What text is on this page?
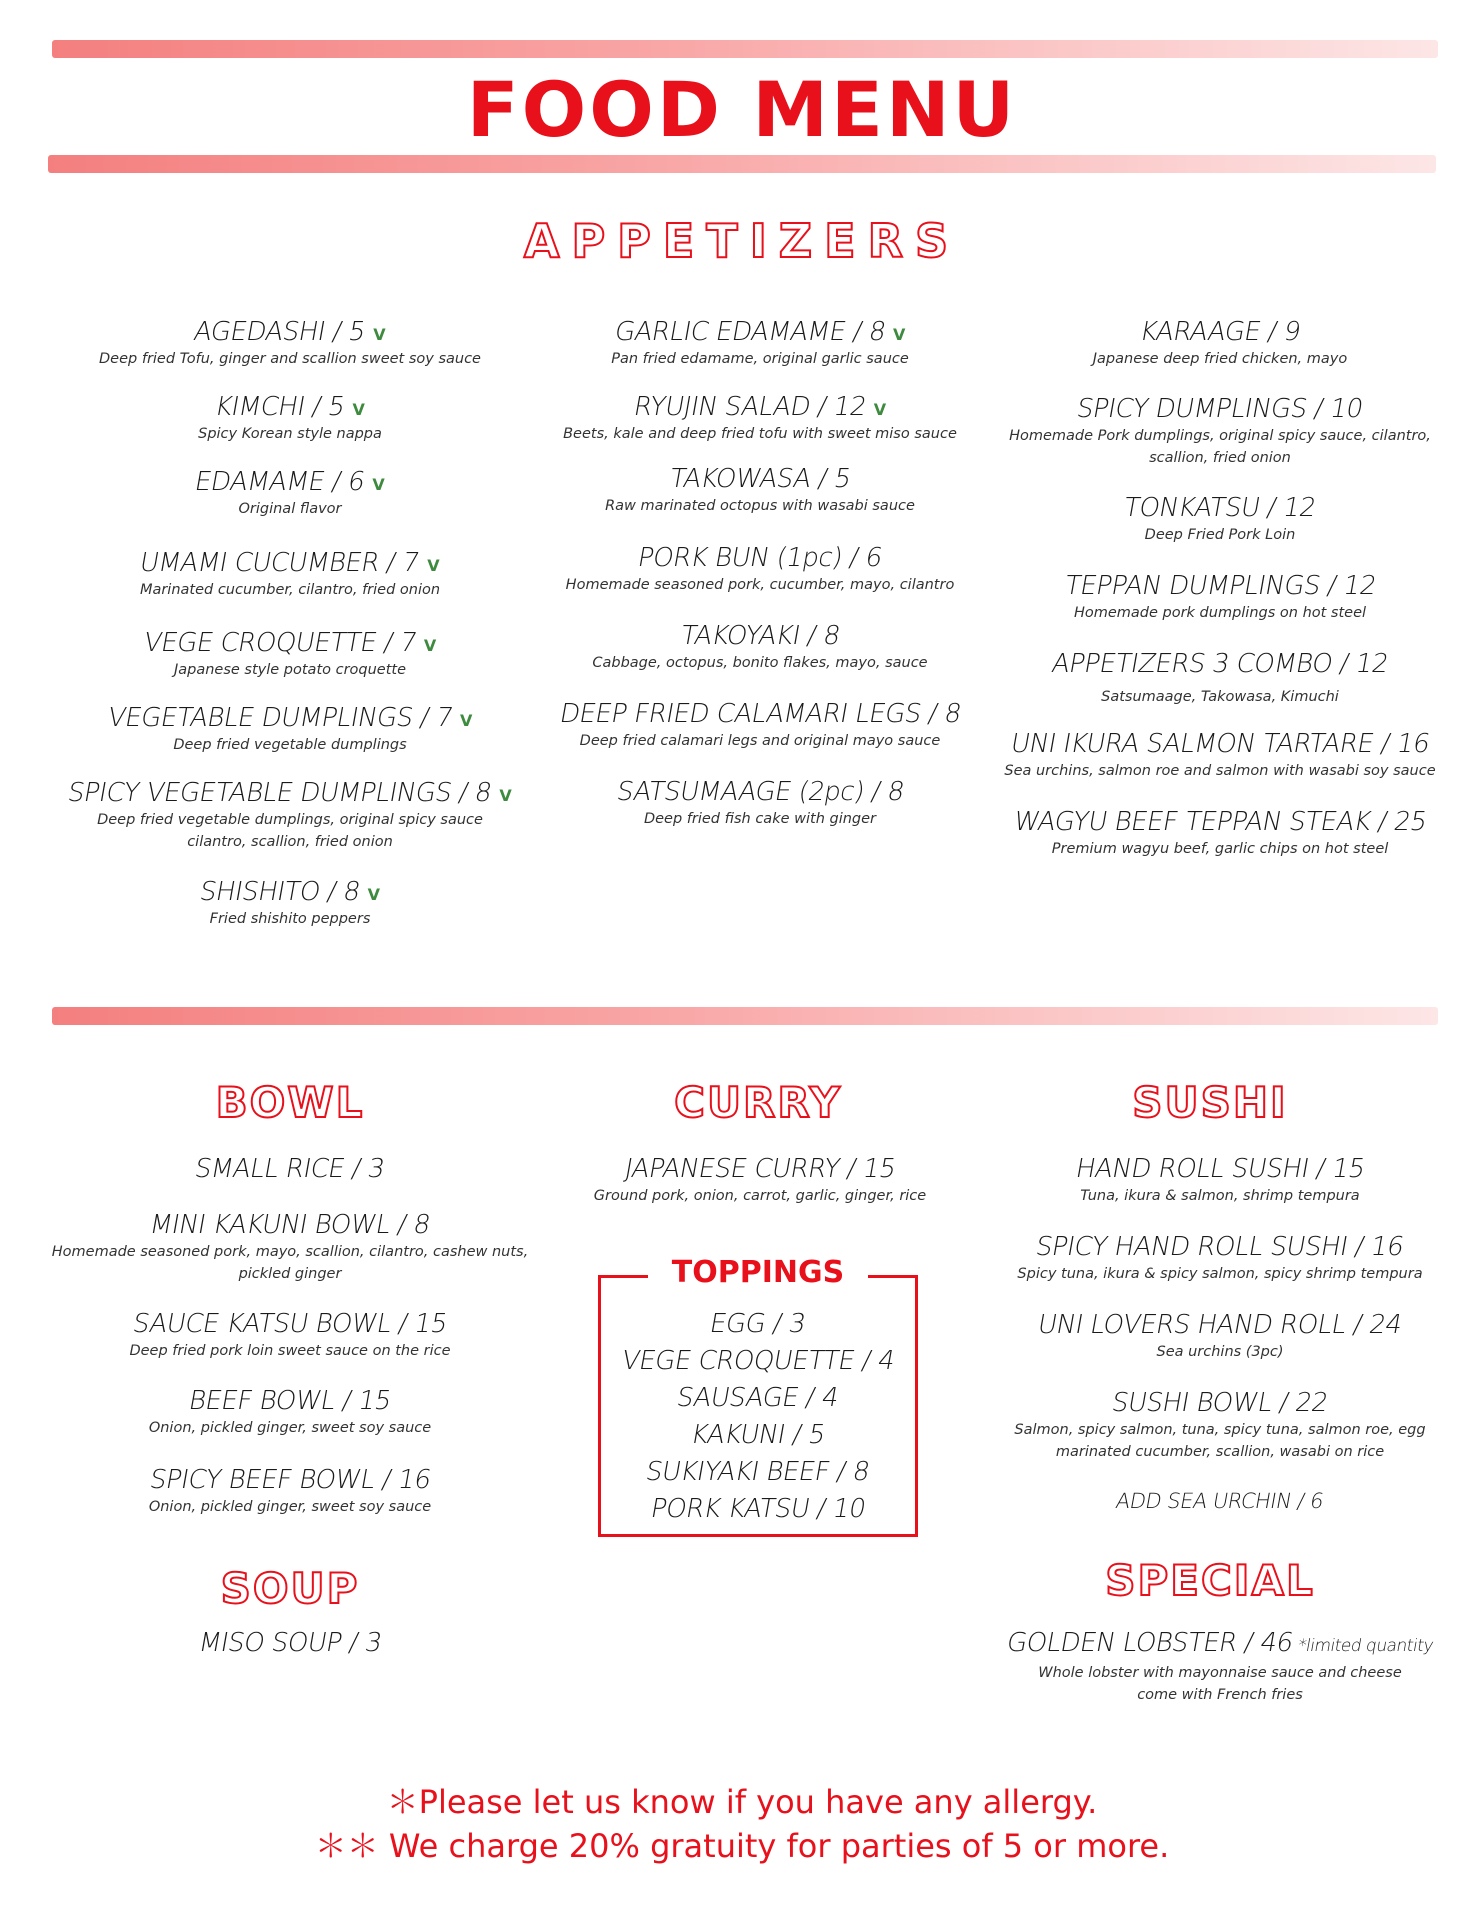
FOOD MENU
APPETIZERS
BOWL	CURRY	SUSHI
SOUP	SPECIAL
AGEDASHI / 5 V
Deep fried Tofu, ginger and scallion sweet soy sauce
KIMCHI / 5 V
Spicy Korean style nappa
EDAMAME / 6 V
Original flavor
UMAMI CUCUMBER / 7 V
Marinated cucumber, cilantro, fried onion
VEGE CROQUETTE / 7 V
Japanese style potato croquette
VEGETABLE DUMPLINGS / 7 V
Deep fried vegetable dumplings
SPICY VEGETABLE DUMPLINGS / 8 V
Deep fried vegetable dumplings, original spicy sauce
cilantro, scallion, fried onion
SHISHITO / 8 V
Fried shishito peppers
GARLIC EDAMAME / 8 V
Pan fried edamame, original garlic sauce
RYUJIN SALAD / 12 V
Beets, kale and deep fried tofu with sweet miso sauce
TAKOWASA / 5
Raw marinated octopus with wasabi sauce
PORK BUN (1pc) / 6
Homemade seasoned pork, cucumber, mayo, cilantro
TAKOYAKI / 8
Cabbage, octopus, bonito flakes, mayo, sauce
DEEP FRIED CALAMARI LEGS / 8
Deep fried calamari legs and original mayo sauce
SATSUMAAGE (2pc) / 8
Deep fried fish cake with ginger
KARAAGE / 9
Japanese deep fried chicken, mayo
SPICY DUMPLINGS / 10
Homemade Pork dumplings, original spicy sauce, cilantro,
scallion, fried onion
TONKATSU / 12
Deep Fried Pork Loin
TEPPAN DUMPLINGS / 12
Homemade pork dumplings on hot steel
APPETIZERS 3 COMBO / 12
Satsumaage, Takowasa, Kimuchi
UNI IKURA SALMON TARTARE / 16
Sea urchins, salmon roe and salmon with wasabi soy sauce
WAGYU BEEF TEPPAN STEAK / 25
Premium wagyu beef, garlic chips on hot steel
SMALL RICE / 3
MINI KAKUNI BOWL / 8
Homemade seasoned pork, mayo, scallion, cilantro, cashew nuts,
pickled ginger
SAUCE KATSU BOWL / 15
Deep fried pork loin sweet sauce on the rice
BEEF BOWL / 15
Onion, pickled ginger, sweet soy sauce
SPICY BEEF BOWL / 16
Onion, pickled ginger, sweet soy sauce
MISO SOUP / 3
JAPANESE CURRY / 15
Ground pork, onion, carrot, garlic, ginger, rice
TOPPINGS
EGG / 3
VEGE CROQUETTE / 4
SAUSAGE / 4
KAKUNI / 5
SUKIYAKI BEEF / 8
PORK KATSU / 10
HAND ROLL SUSHI / 15
Tuna, ikura & salmon, shrimp tempura
SPICY HAND ROLL SUSHI / 16
Spicy tuna, ikura & spicy salmon, spicy shrimp tempura
UNI LOVERS HAND ROLL / 24
Sea urchins (3pc)
SUSHI BOWL / 22
Salmon, spicy salmon, tuna, spicy tuna, salmon roe, egg
marinated cucumber, scallion, wasabi on rice
ADD SEA URCHIN / 6
GOLDEN LOBSTER / 46 *limited quantity
Whole lobster with mayonnaise sauce and cheese
come with French fries
＊Please let us know if you have any allergy.
＊＊ We charge 20% gratuity for parties of 5 or more.
